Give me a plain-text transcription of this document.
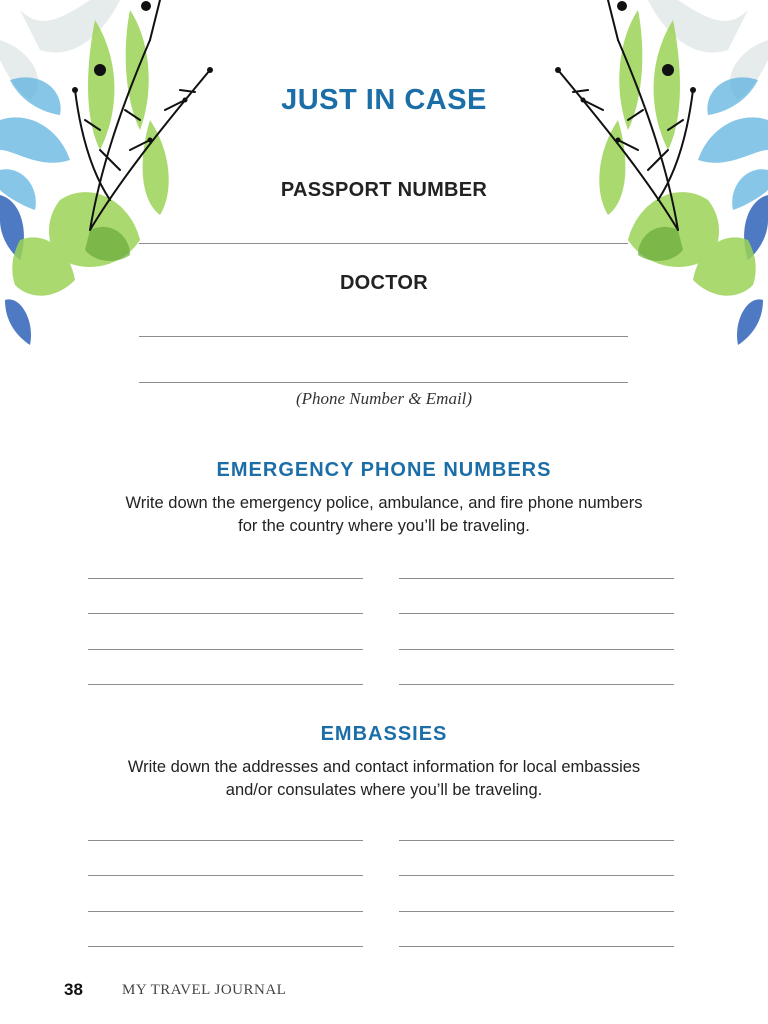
JUST IN CASE
PASSPORT NUMBER
DOCTOR
(Phone Number & Email)
EMERGENCY PHONE NUMBERS
Write down the emergency police, ambulance, and fire phone numbers
for the country where you’ll be traveling.
EMBASSIES
Write down the addresses and contact information for local embassies
and/or consulates where you’ll be traveling.
38	MY TRAVEL JOURNAL
